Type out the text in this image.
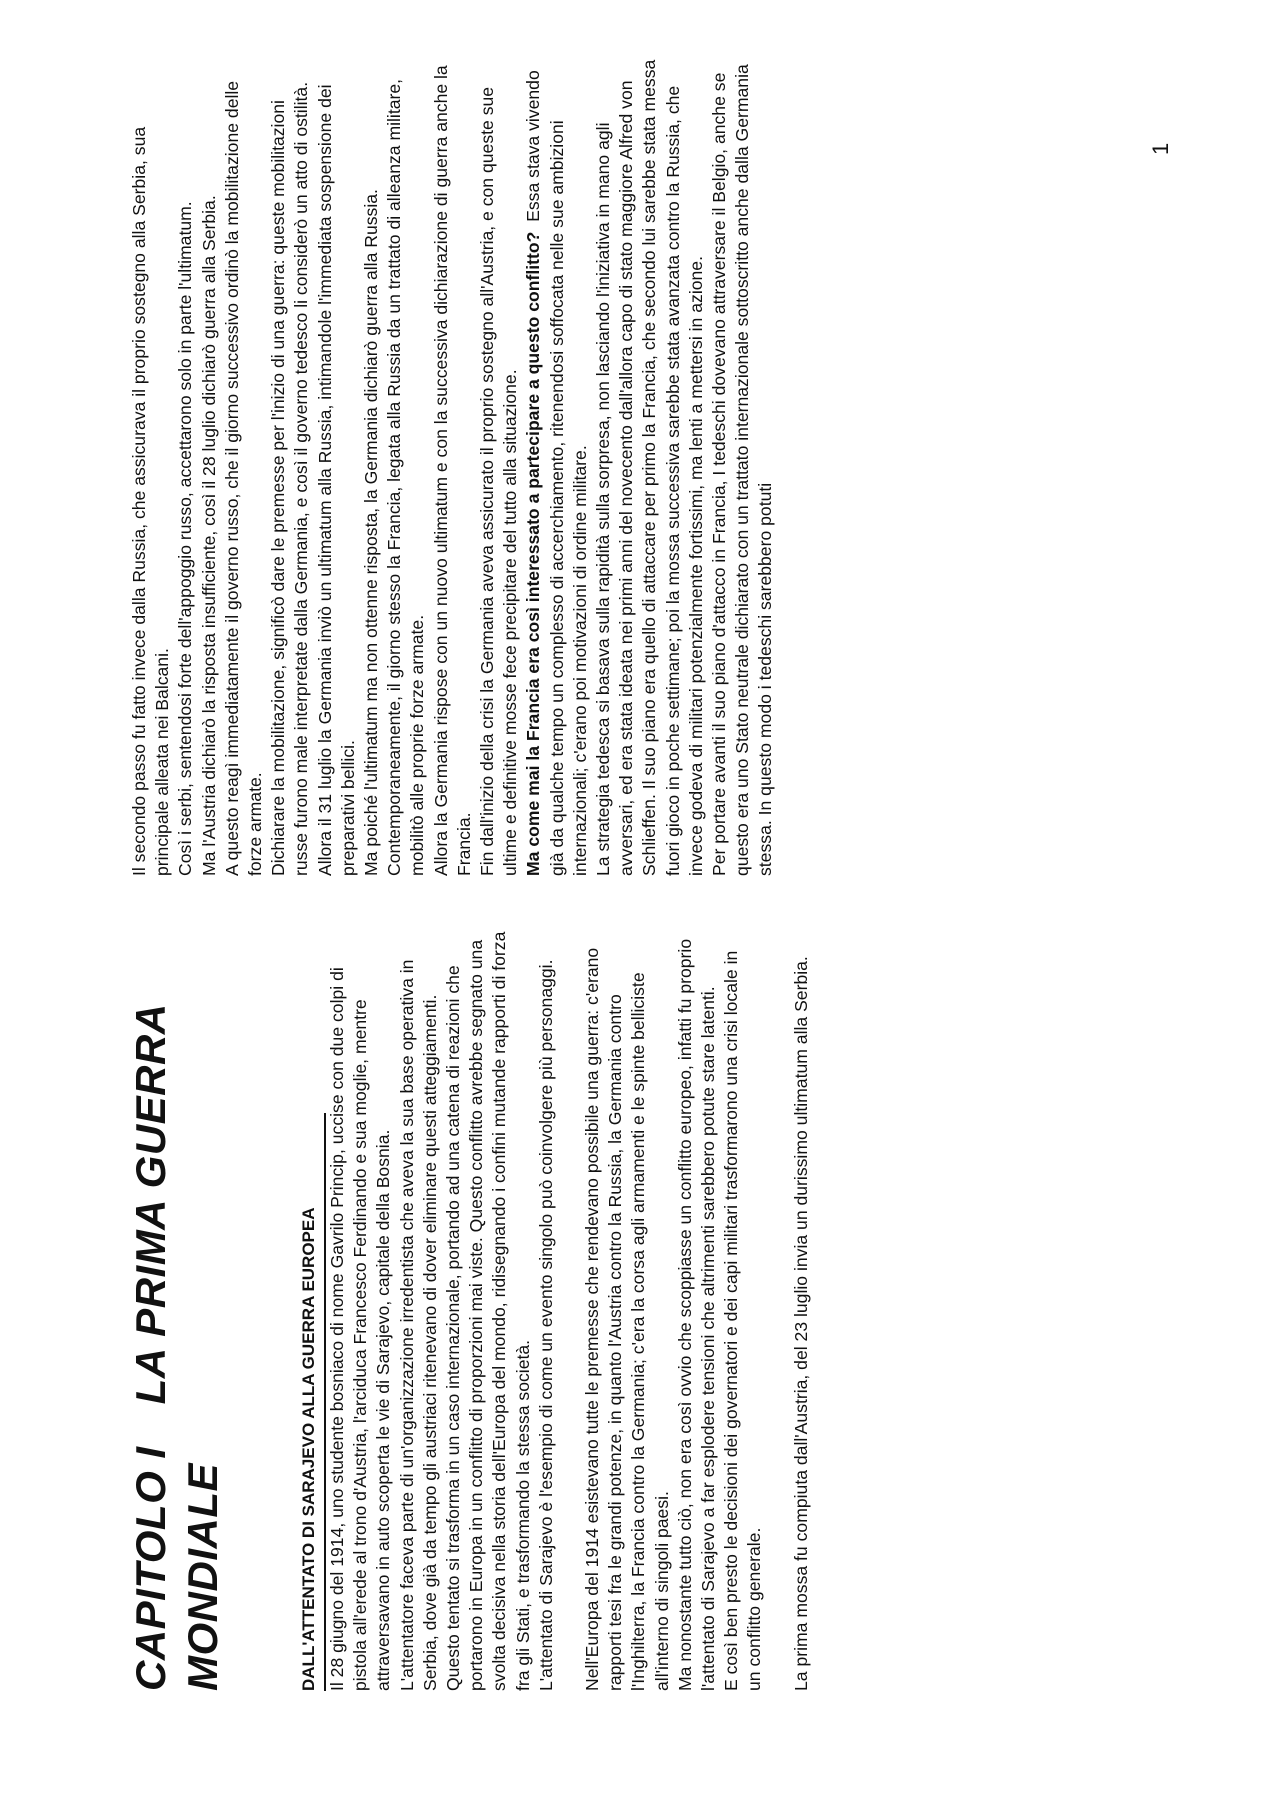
CAPITOLO ILA PRIMA GUERRA
MONDIALE	DALL'ATTENTATO DI SARAJEVO ALLA GUERRA EUROPEA Il 28 giugno del 1914, uno studente bosniaco di nome Gavrilo Princip, uccise con due colpi di pistola all'erede al trono d'Austria, l'arciduca Francesco Ferdinando e sua moglie, mentre attraversavano in auto scoperta le vie di Sarajevo, capitale della Bosnia. L'attentatore faceva parte di un'organizzazione irredentista che aveva la sua base operativa in Serbia, dove già da tempo gli austriaci ritenevano di dover eliminare questi atteggiamenti. Questo tentato si trasforma in un caso internazionale, portando ad una catena di reazioni che portarono in Europa in un conflitto di proporzioni mai viste. Questo conflitto avrebbe segnato una svolta decisiva nella storia dell'Europa del mondo, ridisegnando i confini mutande rapporti di forza fra gli Stati, e trasformando la stessa società. L'attentato di Sarajevo è l'esempio di come un evento singolo può coinvolgere più personaggi. Nell'Europa del 1914 esistevano tutte le premesse che rendevano possibile una guerra: c'erano rapporti tesi fra le grandi potenze, in quanto l'Austria contro la Russia, la Germania contro l'Inghilterra, la Francia contro la Germania; c'era la corsa agli armamenti e le spinte belliciste all'interno di singoli paesi. Ma nonostante tutto ciò, non era così ovvio che scoppiasse un conflitto europeo, infatti fu proprio l'attentato di Sarajevo a far esplodere tensioni che altrimenti sarebbero potute stare latenti. E così ben presto le decisioni dei governatori e dei capi militari trasformarono una crisi locale in un conflitto generale. La prima mossa fu compiuta dall'Austria, del 23 luglio invia un durissimo ultimatum alla Serbia.

Il secondo passo fu fatto invece dalla Russia, che assicurava il proprio sostegno alla Serbia, sua principale alleata nei Balcani. Così i serbi, sentendosi forte dell'appoggio russo, accettarono solo in parte l'ultimatum. Ma l'Austria dichiarò la risposta insufficiente, così il 28 luglio dichiarò guerra alla Serbia. A questo reagì immediatamente il governo russo, che il giorno successivo ordinò la mobilitazione delle forze armate. Dichiarare la mobilitazione, significò dare le premesse per l'inizio di una guerra: queste mobilitazioni russe furono male interpretate dalla Germania, e così il governo tedesco li considerò un atto di ostilità. Allora il 31 luglio la Germania inviò un ultimatum alla Russia, intimandole l'immediata sospensione dei preparativi bellici. Ma poiché l'ultimatum ma non ottenne risposta, la Germania dichiarò guerra alla Russia. Contemporaneamente, il giorno stesso la Francia, legata alla Russia da un trattato di alleanza militare, mobilitò alle proprie forze armate. Allora la Germania rispose con un nuovo ultimatum e con la successiva dichiarazione di guerra anche la Francia. Fin dall'inizio della crisi la Germania aveva assicurato il proprio sostegno all'Austria, e con queste sue ultime e definitive mosse fece precipitare del tutto alla situazione. Ma come mai la Francia era così interessato a partecipare a questo conflitto?  Essa stava vivendo già da qualche tempo un complesso di accerchiamento, ritenendosi soffocata nelle sue ambizioni internazionali; c'erano poi motivazioni di ordine militare. La strategia tedesca si basava sulla rapidità sulla sorpresa, non lasciando l'iniziativa in mano agli avversari, ed era stata ideata nei primi anni del novecento dall'allora capo di stato maggiore Alfred von Schlieffen. Il suo piano era quello di attaccare per primo la Francia, che secondo lui sarebbe stata messa fuori gioco in poche settimane; poi la mossa successiva sarebbe stata avanzata contro la Russia, che invece godeva di militari potenzialmente fortissimi, ma lenti a mettersi in azione. Per portare avanti il suo piano d'attacco in Francia, I tedeschi dovevano attraversare il Belgio, anche se questo era uno Stato neutrale dichiarato con un trattato internazionale sottoscritto anche dalla Germania stessa. In questo modo i tedeschi sarebbero potuti

1
